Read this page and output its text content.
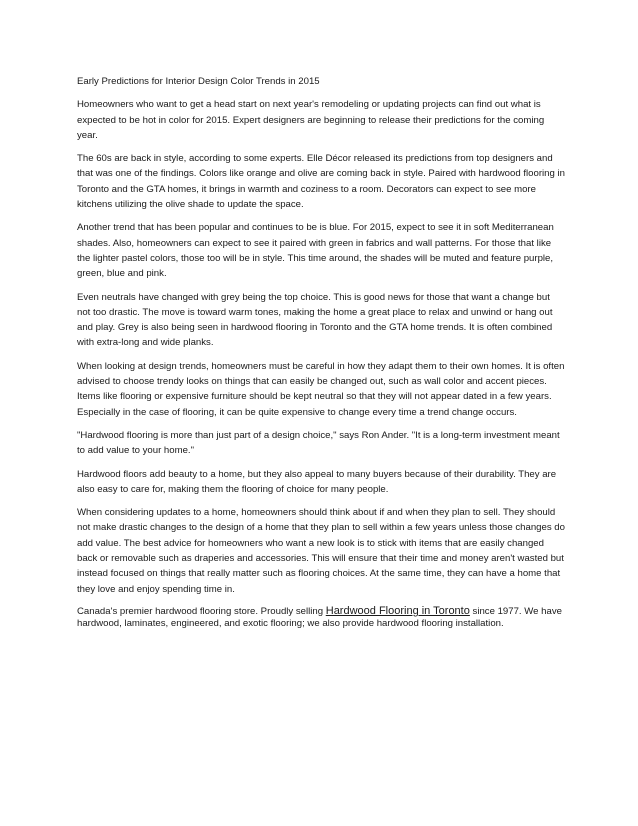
Early Predictions for Interior Design Color Trends in 2015

Homeowners who want to get a head start on next year's remodeling or updating projects can find out what is expected to be hot in color for 2015. Expert designers are beginning to release their predictions for the coming year.

The 60s are back in style, according to some experts. Elle Décor released its predictions from top designers and that was one of the findings. Colors like orange and olive are coming back in style. Paired with hardwood flooring in Toronto and the GTA homes, it brings in warmth and coziness to a room. Decorators can expect to see more kitchens utilizing the olive shade to update the space.

Another trend that has been popular and continues to be is blue. For 2015, expect to see it in soft Mediterranean shades. Also, homeowners can expect to see it paired with green in fabrics and wall patterns. For those that like the lighter pastel colors, those too will be in style. This time around, the shades will be muted and feature purple, green, blue and pink.

Even neutrals have changed with grey being the top choice. This is good news for those that want a change but not too drastic. The move is toward warm tones, making the home a great place to relax and unwind or hang out and play. Grey is also being seen in hardwood flooring in Toronto and the GTA home trends. It is often combined with extra-long and wide planks.

When looking at design trends, homeowners must be careful in how they adapt them to their own homes. It is often advised to choose trendy looks on things that can easily be changed out, such as wall color and accent pieces. Items like flooring or expensive furniture should be kept neutral so that they will not appear dated in a few years. Especially in the case of flooring, it can be quite expensive to change every time a trend change occurs.

"Hardwood flooring is more than just part of a design choice," says Ron Ander. "It is a long-term investment meant to add value to your home."

Hardwood floors add beauty to a home, but they also appeal to many buyers because of their durability. They are also easy to care for, making them the flooring of choice for many people.

When considering updates to a home, homeowners should think about if and when they plan to sell. They should not make drastic changes to the design of a home that they plan to sell within a few years unless those changes do add value. The best advice for homeowners who want a new look is to stick with items that are easily changed back or removable such as draperies and accessories. This will ensure that their time and money aren't wasted but instead focused on things that really matter such as flooring choices. At the same time, they can have a home that they love and enjoy spending time in.

Canada's premier hardwood flooring store. Proudly selling Hardwood Flooring in Toronto since 1977. We have hardwood, laminates, engineered, and exotic flooring; we also provide hardwood flooring installation.
